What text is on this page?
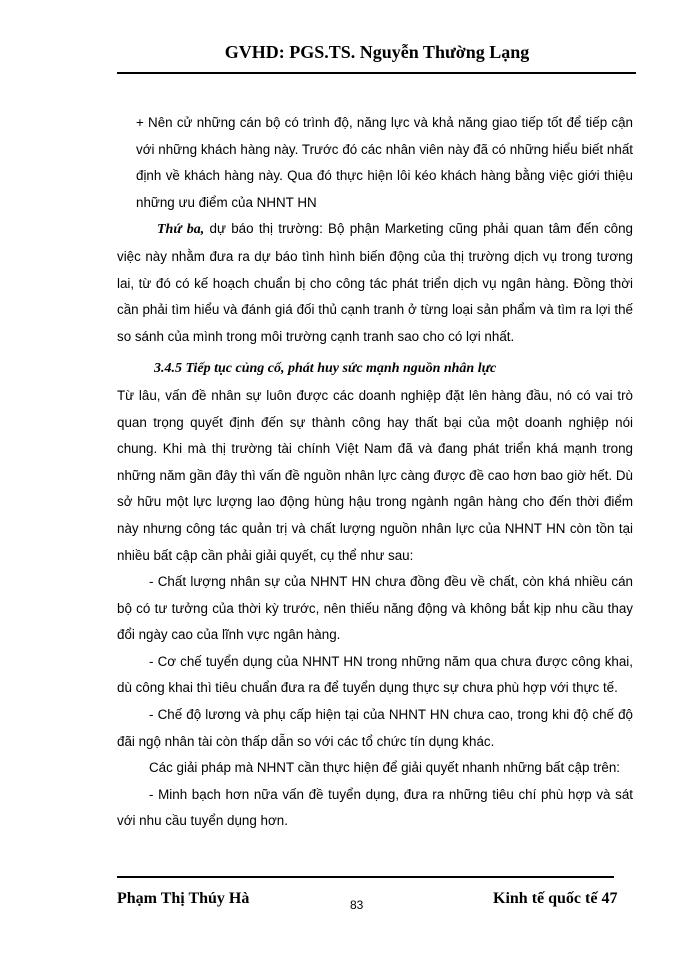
GVHD: PGS.TS. Nguyễn Thường Lạng

+ Nên cử những cán bộ có trình độ, năng lực và khả năng giao tiếp tốt để tiếp cận với những khách hàng này. Trước đó các nhân viên này đã có những hiểu biết nhất định về khách hàng này. Qua đó thực hiện lôi kéo khách hàng bằng việc giới thiệu những ưu điểm của NHNT HN

Thứ ba, dự báo thị trường: Bộ phận Marketing cũng phải quan tâm đến công việc này nhằm đưa ra dự báo tình hình biến động của thị trường dịch vụ trong tương lai, từ đó có kế hoạch chuẩn bị cho công tác phát triển dịch vụ ngân hàng. Đồng thời cần phải tìm hiểu và đánh giá đối thủ cạnh tranh ở từng loại sản phẩm và tìm ra lợi thế so sánh của mình trong môi trường cạnh tranh sao cho có lợi nhất.

3.4.5 Tiếp tục củng cố, phát huy sức mạnh nguồn nhân lực

Từ lâu, vấn đề nhân sự luôn được các doanh nghiệp đặt lên hàng đầu, nó có vai trò quan trọng quyết định đến sự thành công hay thất bại của một doanh nghiệp nói chung. Khi mà thị trường tài chính Việt Nam đã và đang phát triển khá mạnh trong những năm gần đây thì vấn đề nguồn nhân lực càng được đề cao hơn bao giờ hết. Dù sở hữu một lực lượng lao động hùng hậu trong ngành ngân hàng cho đến thời điểm này nhưng công tác quản trị và chất lượng nguồn nhân lực của NHNT HN còn tồn tại nhiều bất cập cần phải giải quyết, cụ thể như sau:

- Chất lượng nhân sự của NHNT HN chưa đồng đều về chất, còn khá nhiều cán bộ có tư tưởng của thời kỳ trước, nên thiếu năng động và không bắt kịp nhu cầu thay đổi ngày cao của lĩnh vực ngân hàng.

- Cơ chế tuyển dụng của NHNT HN trong những năm qua chưa được công khai, dù công khai thì tiêu chuẩn đưa ra để tuyển dụng thực sự chưa phù hợp với thực tế.

- Chế độ lương và phụ cấp hiện tại của NHNT HN chưa cao, trong khi độ chế độ đãi ngộ nhân tài còn thấp dẫn so với các tổ chức tín dụng khác.

Các giải pháp mà NHNT cần thực hiện để giải quyết nhanh những bất cập trên:

- Minh bạch hơn nữa vấn đề tuyển dụng, đưa ra những tiêu chí phù hợp và sát với nhu cầu tuyển dụng hơn.

Phạm Thị Thúy Hà	83	Kinh tế quốc tế 47
